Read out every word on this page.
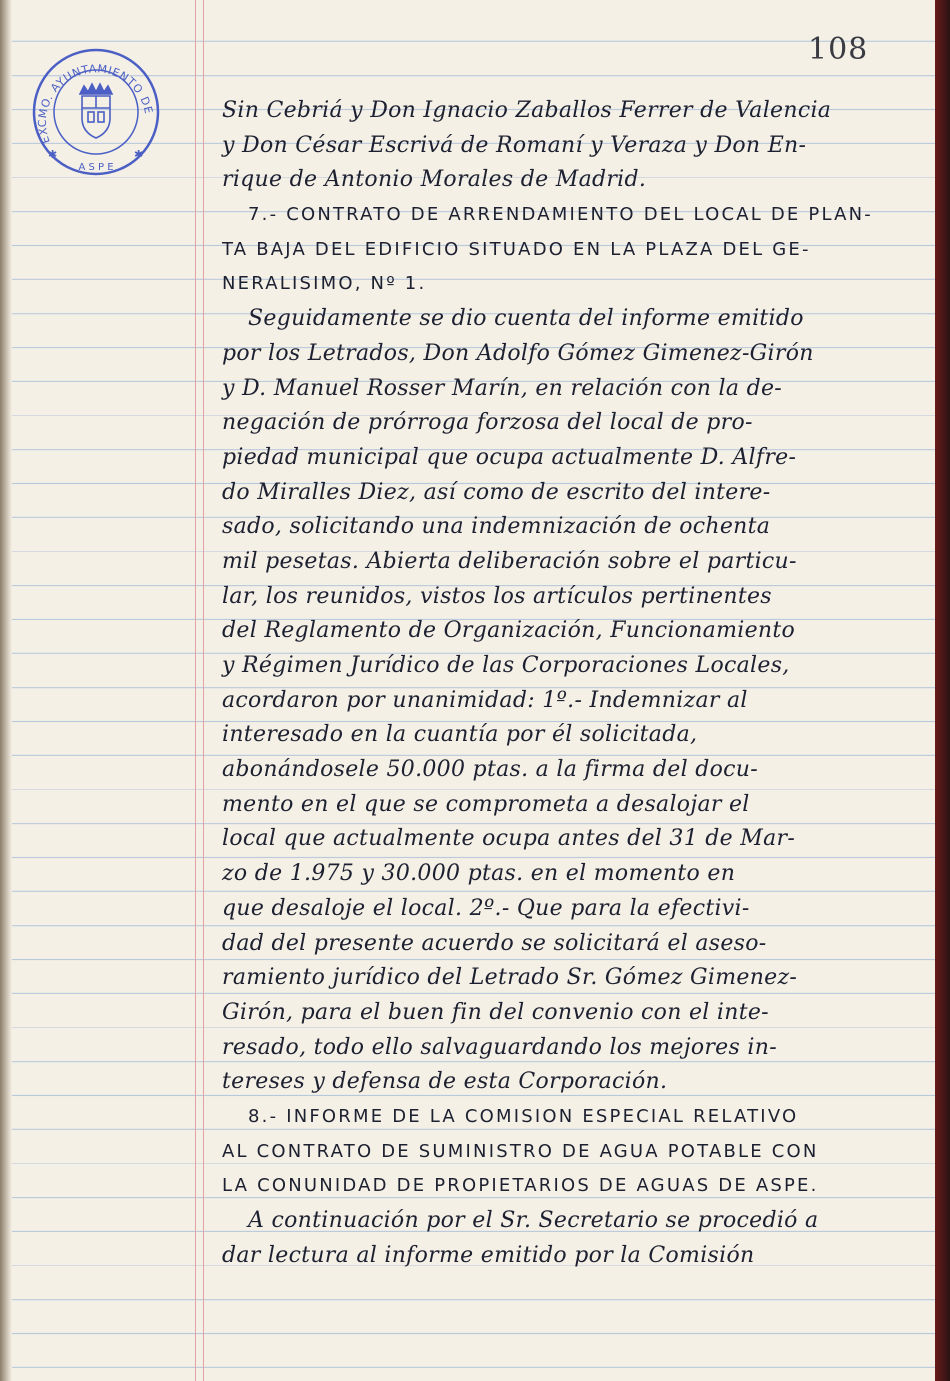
108
EXCMO. AYUNTAMIENTO DE
A S P E
✱	✱
Sin Cebriá y Don Ignacio Zaballos Ferrer de Valencia
y Don César Escrivá de Romaní y Veraza y Don En-
rique de Antonio Morales de Madrid.
7.- CONTRATO DE ARRENDAMIENTO DEL LOCAL DE PLAN-
TA BAJA DEL EDIFICIO SITUADO EN LA PLAZA DEL GE-
NERALISIMO, Nº 1.
Seguidamente se dio cuenta del informe emitido
por los Letrados, Don Adolfo Gómez Gimenez-Girón
y D. Manuel Rosser Marín, en relación con la de-
negación de prórroga forzosa del local de pro-
piedad municipal que ocupa actualmente D. Alfre-
do Miralles Diez, así como de escrito del intere-
sado, solicitando una indemnización de ochenta
mil pesetas. Abierta deliberación sobre el particu-
lar, los reunidos, vistos los artículos pertinentes
del Reglamento de Organización, Funcionamiento
y Régimen Jurídico de las Corporaciones Locales,
acordaron por unanimidad: 1º.- Indemnizar al
interesado en la cuantía por él solicitada,
abonándosele 50.000 ptas. a la firma del docu-
mento en el que se comprometa a desalojar el
local que actualmente ocupa antes del 31 de Mar-
zo de 1.975 y 30.000 ptas. en el momento en
que desaloje el local. 2º.- Que para la efectivi-
dad del presente acuerdo se solicitará el aseso-
ramiento jurídico del Letrado Sr. Gómez Gimenez-
Girón, para el buen fin del convenio con el inte-
resado, todo ello salvaguardando los mejores in-
tereses y defensa de esta Corporación.
8.- INFORME DE LA COMISION ESPECIAL RELATIVO
AL CONTRATO DE SUMINISTRO DE AGUA POTABLE CON
LA CONUNIDAD DE PROPIETARIOS DE AGUAS DE ASPE.
A continuación por el Sr. Secretario se procedió a
dar lectura al informe emitido por la Comisión
